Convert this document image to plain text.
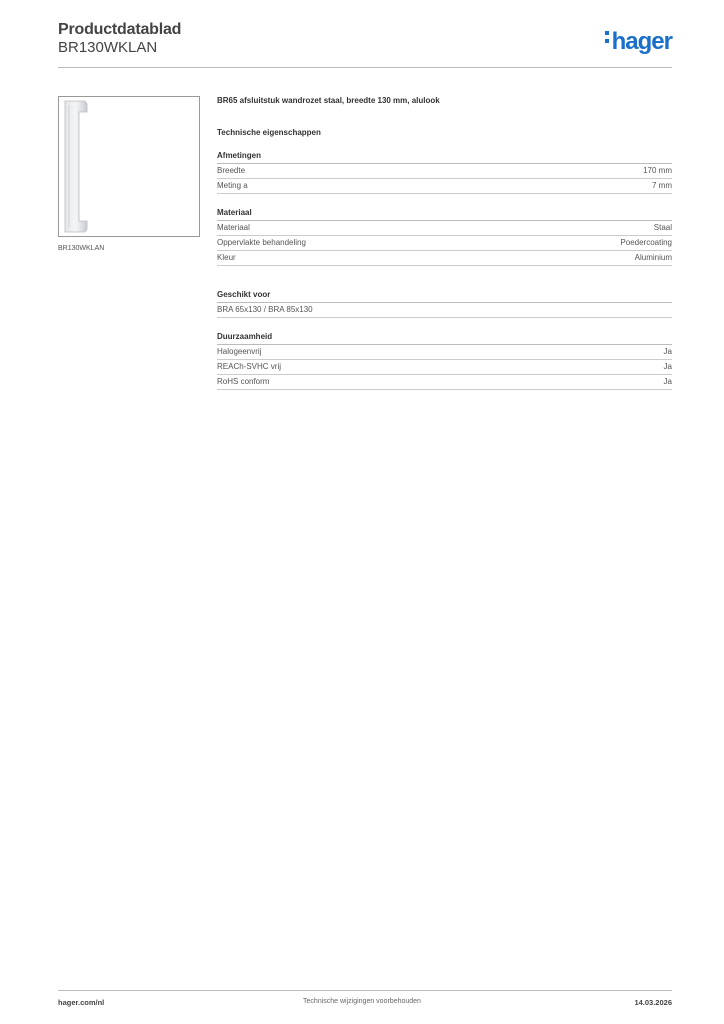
Productdatablad
BR130WKLAN	hager
BR130WKLAN

BR65 afsluitstuk wandrozet staal, breedte 130 mm, alulook

Technische eigenschappen
Afmetingen
Breedte	170 mm
Meting a	7 mm
Materiaal
Materiaal	Staal
Oppervlakte behandeling	Poedercoating
Kleur	Aluminium
Geschikt voor
BRA 65x130 / BRA 85x130
Duurzaamheid
Halogeenvrij	Ja
REACh-SVHC vrij	Ja
RoHS conform	Ja
hager.com/nl	Technische wijzigingen voorbehouden	14.03.2026
